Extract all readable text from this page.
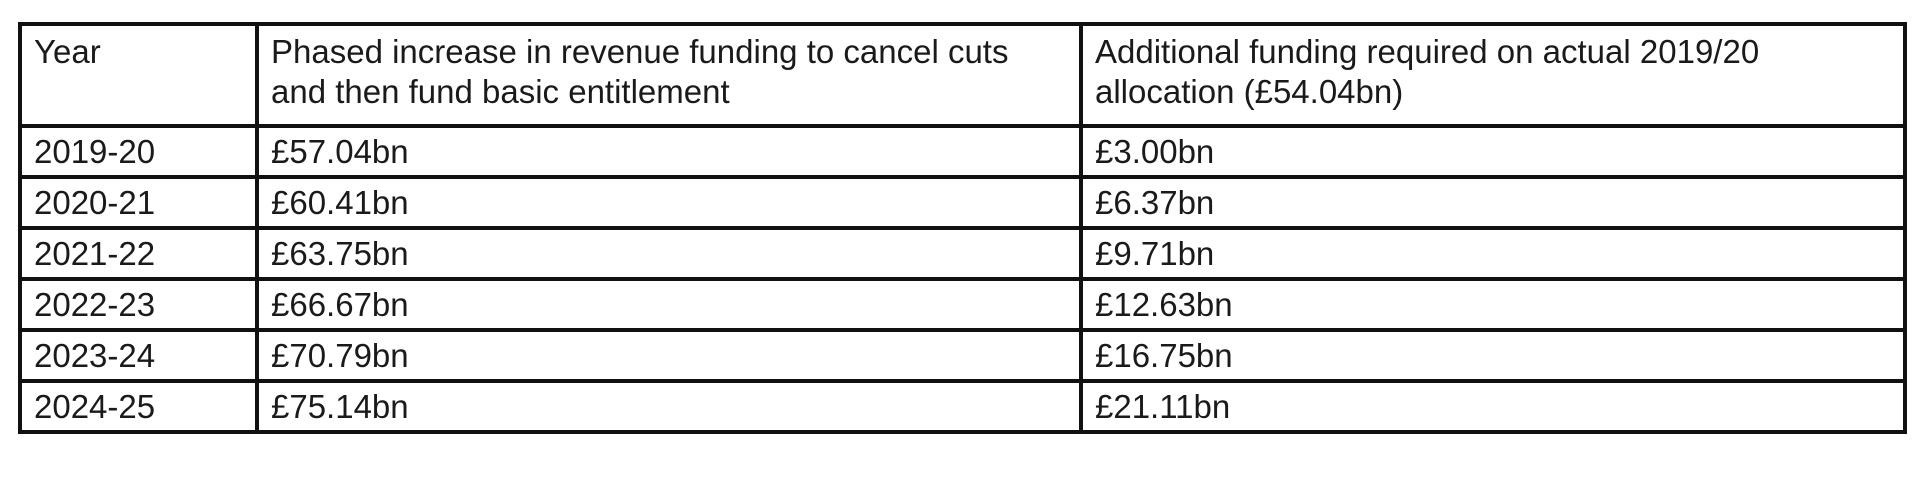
Year	Phased increase in revenue funding to cancel cuts and then fund basic entitlement	Additional funding required on actual 2019/20 allocation (£54.04bn)
2019-20	£57.04bn	£3.00bn
2020-21	£60.41bn	£6.37bn
2021-22	£63.75bn	£9.71bn
2022-23	£66.67bn	£12.63bn
2023-24	£70.79bn	£16.75bn
2024-25	£75.14bn	£21.11bn
